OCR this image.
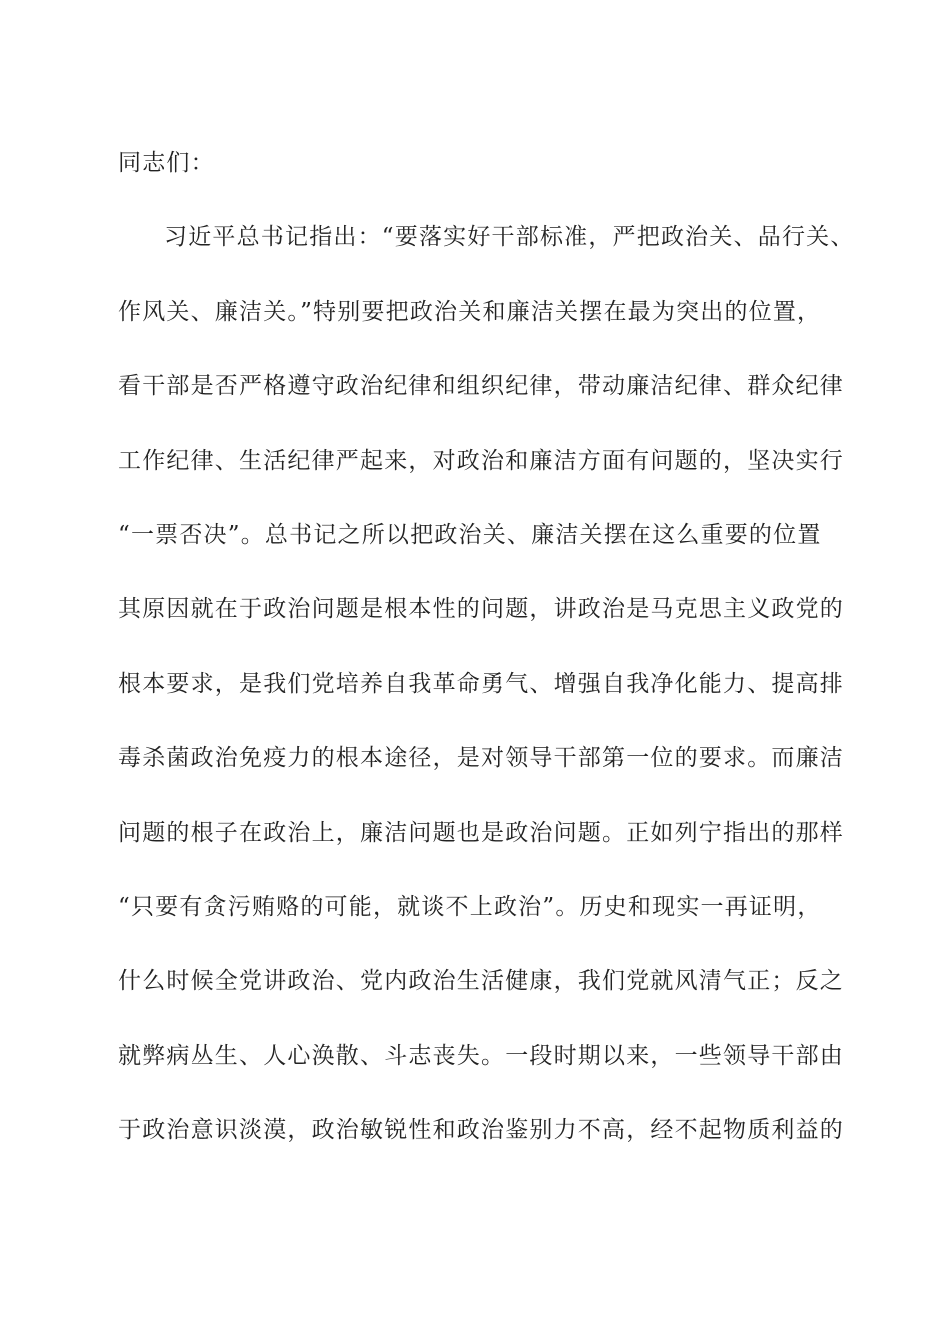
同志们：
习近平总书记指出：“要落实好干部标准，严把政治关、品行关、
作风关、廉洁关。”特别要把政治关和廉洁关摆在最为突出的位置，
看干部是否严格遵守政治纪律和组织纪律，带动廉洁纪律、群众纪律
工作纪律、生活纪律严起来，对政治和廉洁方面有问题的，坚决实行
“一票否决”。总书记之所以把政治关、廉洁关摆在这么重要的位置
其原因就在于政治问题是根本性的问题，讲政治是马克思主义政党的
根本要求，是我们党培养自我革命勇气、增强自我净化能力、提高排
毒杀菌政治免疫力的根本途径，是对领导干部第一位的要求。而廉洁
问题的根子在政治上，廉洁问题也是政治问题。正如列宁指出的那样
“只要有贪污贿赂的可能，就谈不上政治”。历史和现实一再证明，
什么时候全党讲政治、党内政治生活健康，我们党就风清气正；反之
就弊病丛生、人心涣散、斗志丧失。一段时期以来，一些领导干部由
于政治意识淡漠，政治敏锐性和政治鉴别力不高，经不起物质利益的
